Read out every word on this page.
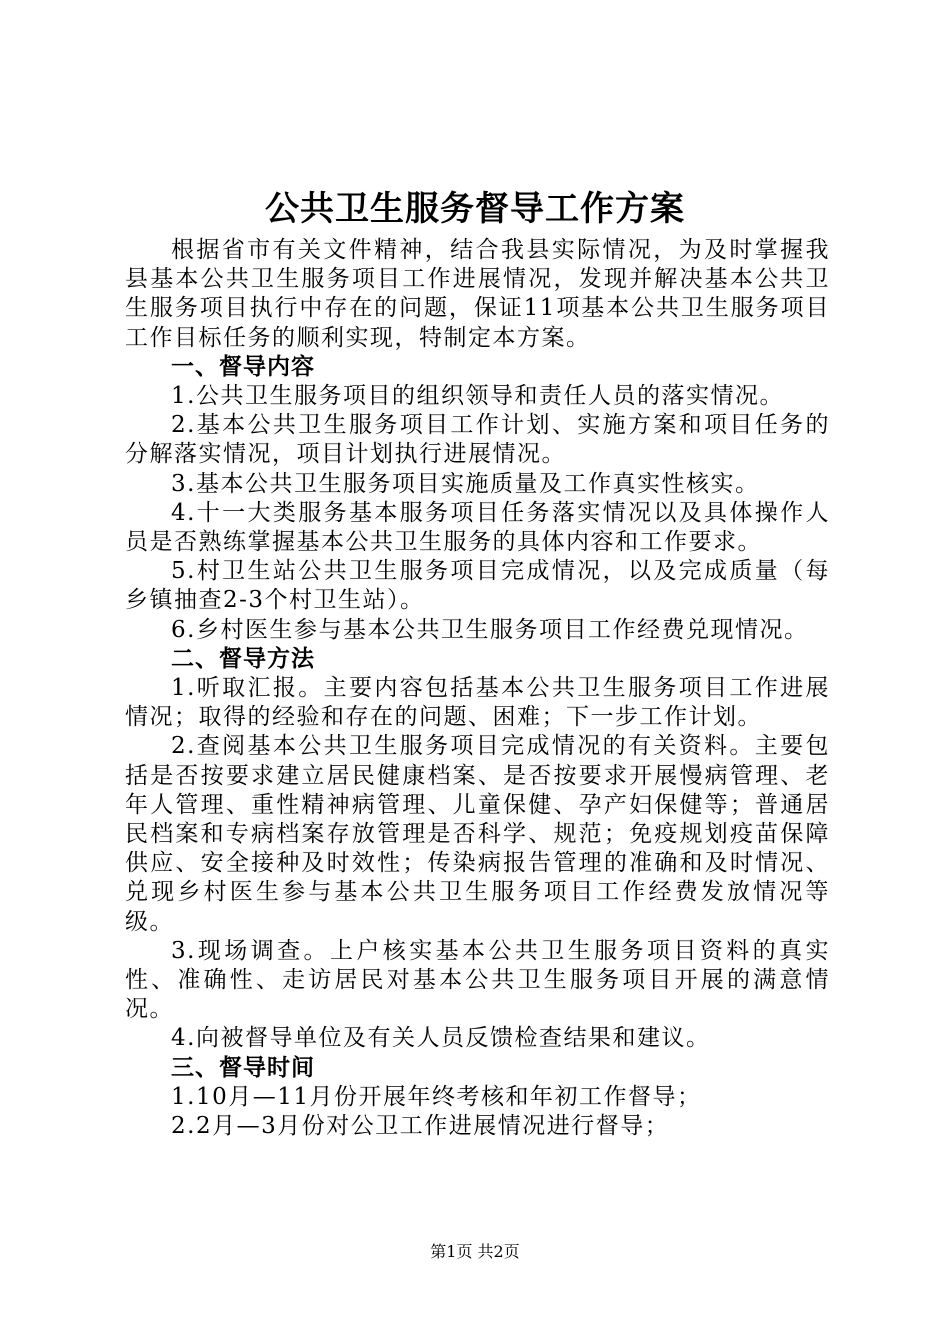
公共卫生服务督导工作方案

根据省市有关文件精神，结合我县实际情况，为及时掌握我县基本公共卫生服务项目工作进展情况，发现并解决基本公共卫生服务项目执行中存在的问题，保证11项基本公共卫生服务项目工作目标任务的顺利实现，特制定本方案。

一、督导内容

1.公共卫生服务项目的组织领导和责任人员的落实情况。

2.基本公共卫生服务项目工作计划、实施方案和项目任务的分解落实情况，项目计划执行进展情况。

3.基本公共卫生服务项目实施质量及工作真实性核实。

4.十一大类服务基本服务项目任务落实情况以及具体操作人员是否熟练掌握基本公共卫生服务的具体内容和工作要求。

5.村卫生站公共卫生服务项目完成情况，以及完成质量（每乡镇抽查2-3个村卫生站）。

6.乡村医生参与基本公共卫生服务项目工作经费兑现情况。

二、督导方法

1.听取汇报。主要内容包括基本公共卫生服务项目工作进展情况；取得的经验和存在的问题、困难；下一步工作计划。

2.查阅基本公共卫生服务项目完成情况的有关资料。主要包括是否按要求建立居民健康档案、是否按要求开展慢病管理、老年人管理、重性精神病管理、儿童保健、孕产妇保健等；普通居民档案和专病档案存放管理是否科学、规范；免疫规划疫苗保障供应、安全接种及时效性；传染病报告管理的准确和及时情况、兑现乡村医生参与基本公共卫生服务项目工作经费发放情况等级。

3.现场调查。上户核实基本公共卫生服务项目资料的真实性、准确性、走访居民对基本公共卫生服务项目开展的满意情况。

4.向被督导单位及有关人员反馈检查结果和建议。

三、督导时间

1.10月—11月份开展年终考核和年初工作督导；

2.2月—3月份对公卫工作进展情况进行督导；

第1页 共2页
